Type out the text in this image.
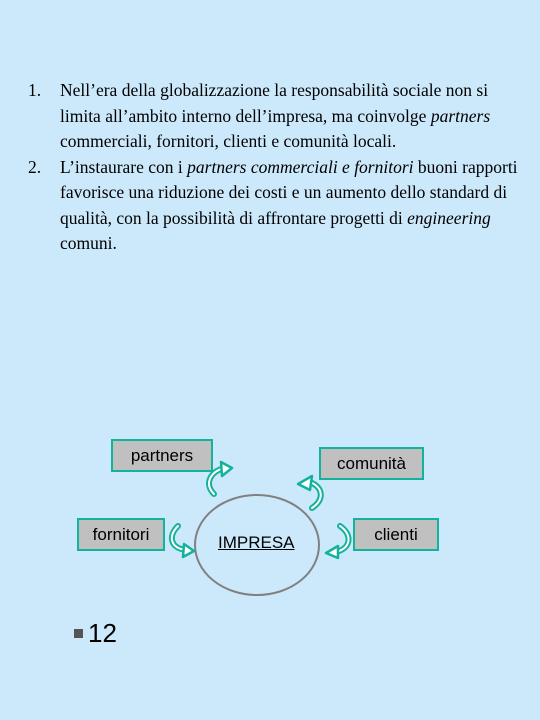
1. Nell’era della globalizzazione la responsabilità sociale non si limita all’ambito interno dell’impresa, ma coinvolge partners commerciali, fornitori, clienti e comunità locali.
2. L’instaurare con i partners commerciali e fornitori buoni rapporti favorisce una riduzione dei costi e un aumento dello standard di qualità, con la possibilità di affrontare progetti di engineering comuni.
partners	comunità
fornitori	clienti
IMPRESA
12
